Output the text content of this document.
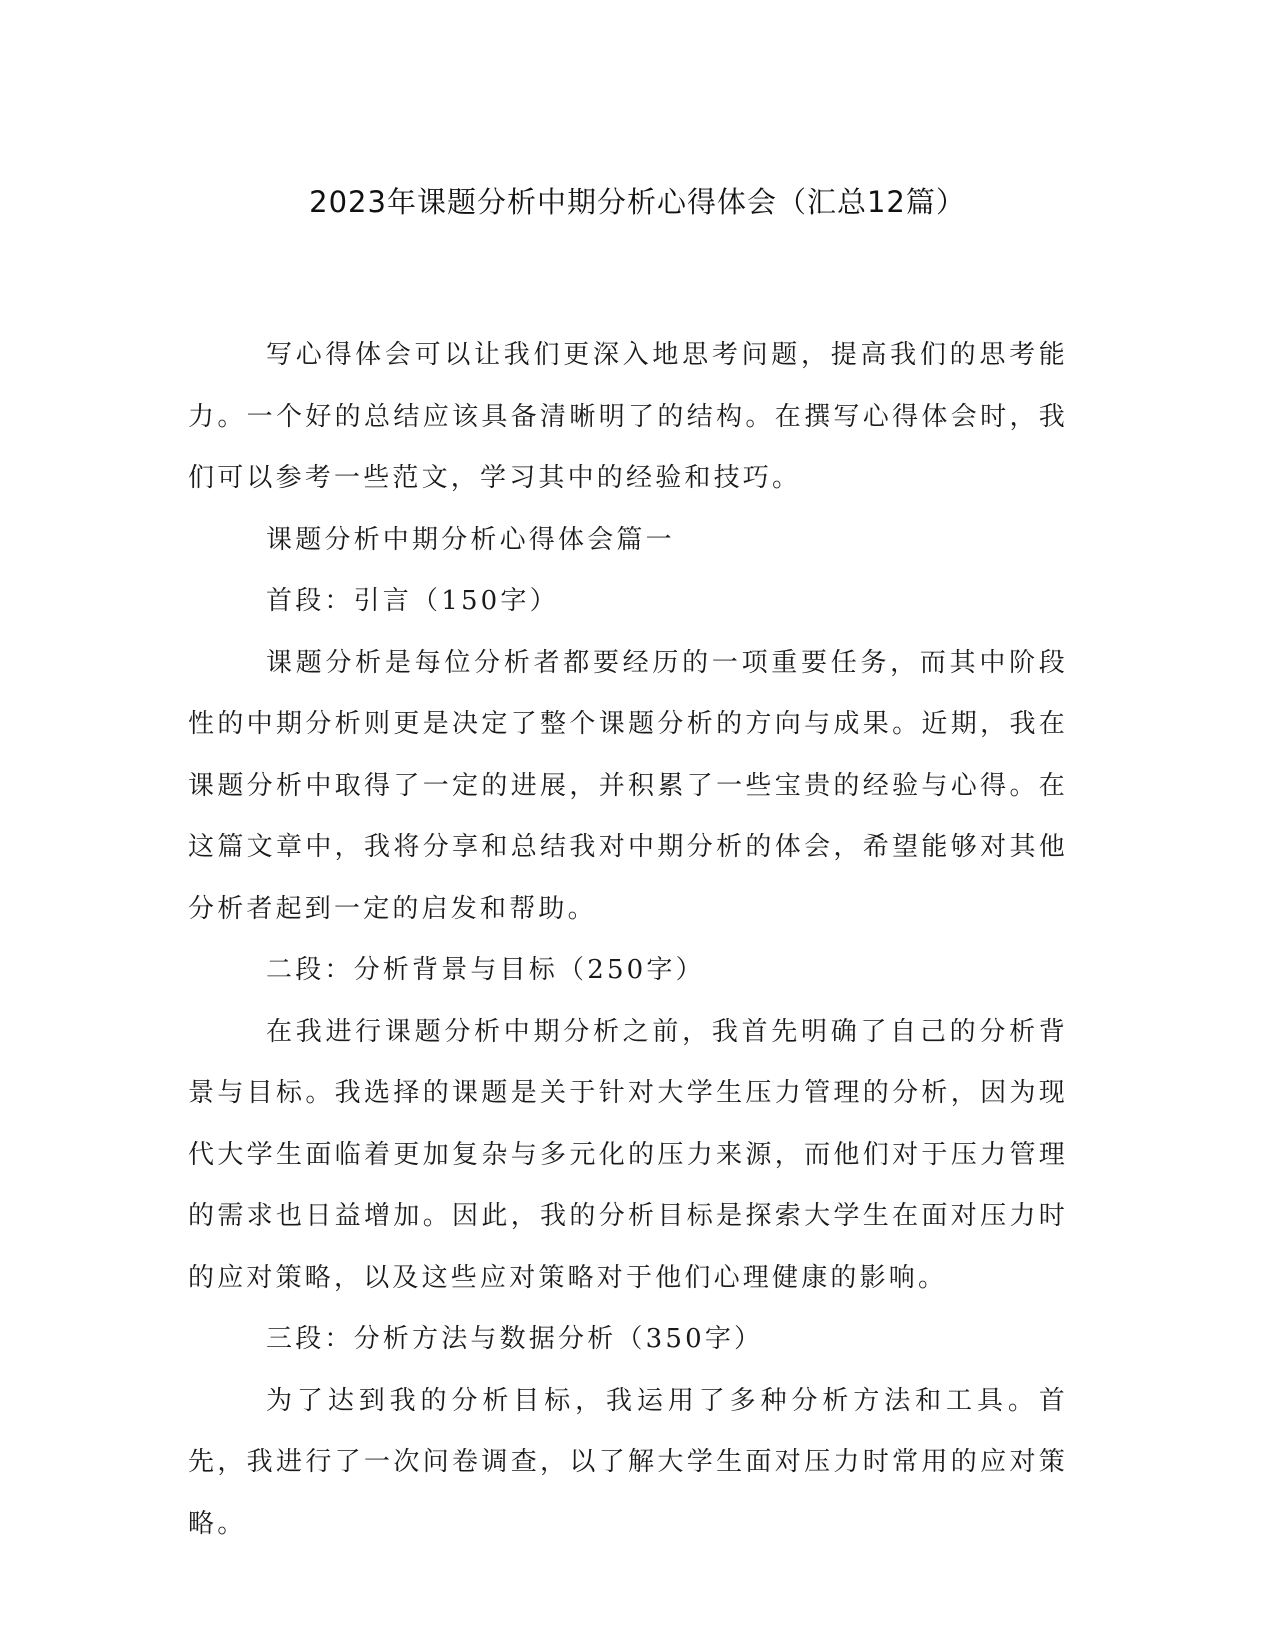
2023年课题分析中期分析心得体会（汇总12篇）

写心得体会可以让我们更深入地思考问题，提高我们的思考能力。一个好的总结应该具备清晰明了的结构。在撰写心得体会时，我们可以参考一些范文，学习其中的经验和技巧。

课题分析中期分析心得体会篇一

首段：引言（150字）

课题分析是每位分析者都要经历的一项重要任务，而其中阶段性的中期分析则更是决定了整个课题分析的方向与成果。近期，我在课题分析中取得了一定的进展，并积累了一些宝贵的经验与心得。在这篇文章中，我将分享和总结我对中期分析的体会，希望能够对其他分析者起到一定的启发和帮助。

二段：分析背景与目标（250字）

在我进行课题分析中期分析之前，我首先明确了自己的分析背景与目标。我选择的课题是关于针对大学生压力管理的分析，因为现代大学生面临着更加复杂与多元化的压力来源，而他们对于压力管理的需求也日益增加。因此，我的分析目标是探索大学生在面对压力时的应对策略，以及这些应对策略对于他们心理健康的影响。

三段：分析方法与数据分析（350字）

为了达到我的分析目标，我运用了多种分析方法和工具。首先，我进行了一次问卷调查，以了解大学生面对压力时常用的应对策略。
